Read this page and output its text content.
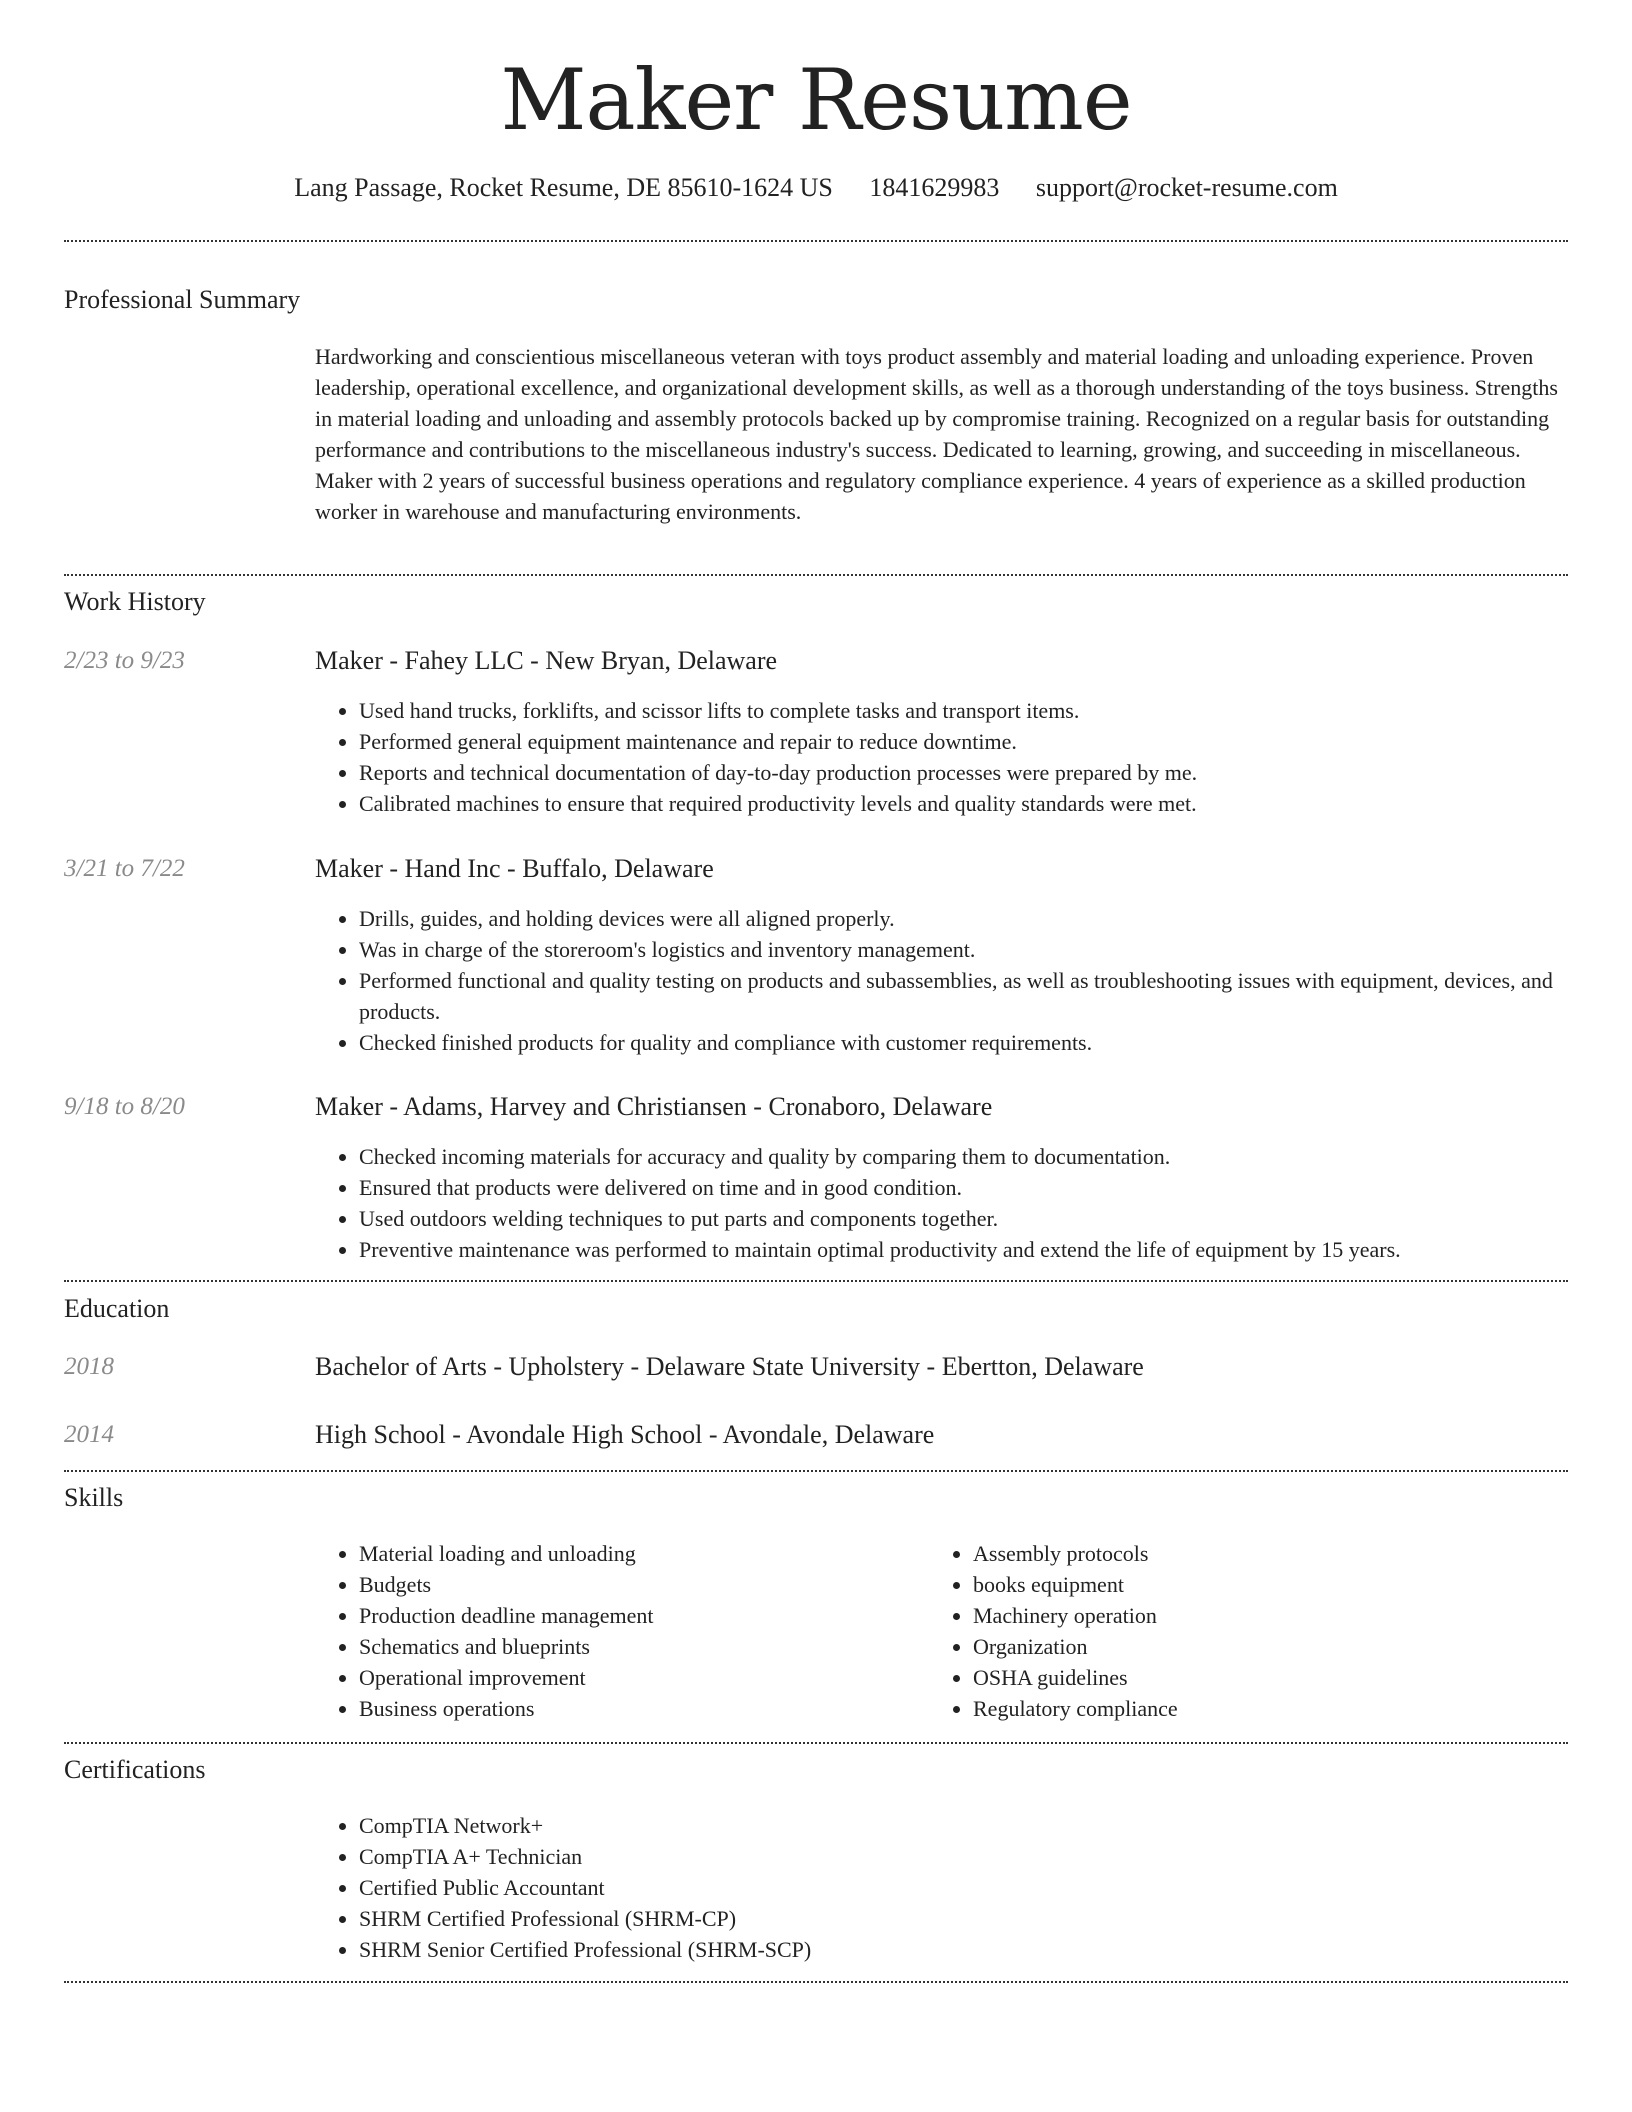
Maker Resume
Lang Passage, Rocket Resume, DE 85610-1624 US 1841629983 support@rocket-resume.com
Professional Summary
Hardworking and conscientious miscellaneous veteran with toys product assembly and material loading and unloading experience. Proven leadership, operational excellence, and organizational development skills, as well as a thorough understanding of the toys business. Strengths in material loading and unloading and assembly protocols backed up by compromise training. Recognized on a regular basis for outstanding performance and contributions to the miscellaneous industry's success. Dedicated to learning, growing, and succeeding in miscellaneous. Maker with 2 years of successful business operations and regulatory compliance experience. 4 years of experience as a skilled production worker in warehouse and manufacturing environments.
Work History
2/23 to 9/23	Maker - Fahey LLC - New Bryan, Delaware
• Used hand trucks, forklifts, and scissor lifts to complete tasks and transport items.
• Performed general equipment maintenance and repair to reduce downtime.
• Reports and technical documentation of day-to-day production processes were prepared by me.
• Calibrated machines to ensure that required productivity levels and quality standards were met.
3/21 to 7/22	Maker - Hand Inc - Buffalo, Delaware
• Drills, guides, and holding devices were all aligned properly.
• Was in charge of the storeroom's logistics and inventory management.
• Performed functional and quality testing on products and subassemblies, as well as troubleshooting issues with equipment, devices, and products.
• Checked finished products for quality and compliance with customer requirements.
9/18 to 8/20	Maker - Adams, Harvey and Christiansen - Cronaboro, Delaware
• Checked incoming materials for accuracy and quality by comparing them to documentation.
• Ensured that products were delivered on time and in good condition.
• Used outdoors welding techniques to put parts and components together.
• Preventive maintenance was performed to maintain optimal productivity and extend the life of equipment by 15 years.
Education
2018	Bachelor of Arts - Upholstery - Delaware State University - Ebertton, Delaware
2014	High School - Avondale High School - Avondale, Delaware
Skills
• Material loading and unloading
• Budgets
• Production deadline management
• Schematics and blueprints
• Operational improvement
• Business operations
• Assembly protocols
• books equipment
• Machinery operation
• Organization
• OSHA guidelines
• Regulatory compliance
Certifications
• CompTIA Network+
• CompTIA A+ Technician
• Certified Public Accountant
• SHRM Certified Professional (SHRM-CP)
• SHRM Senior Certified Professional (SHRM-SCP)
